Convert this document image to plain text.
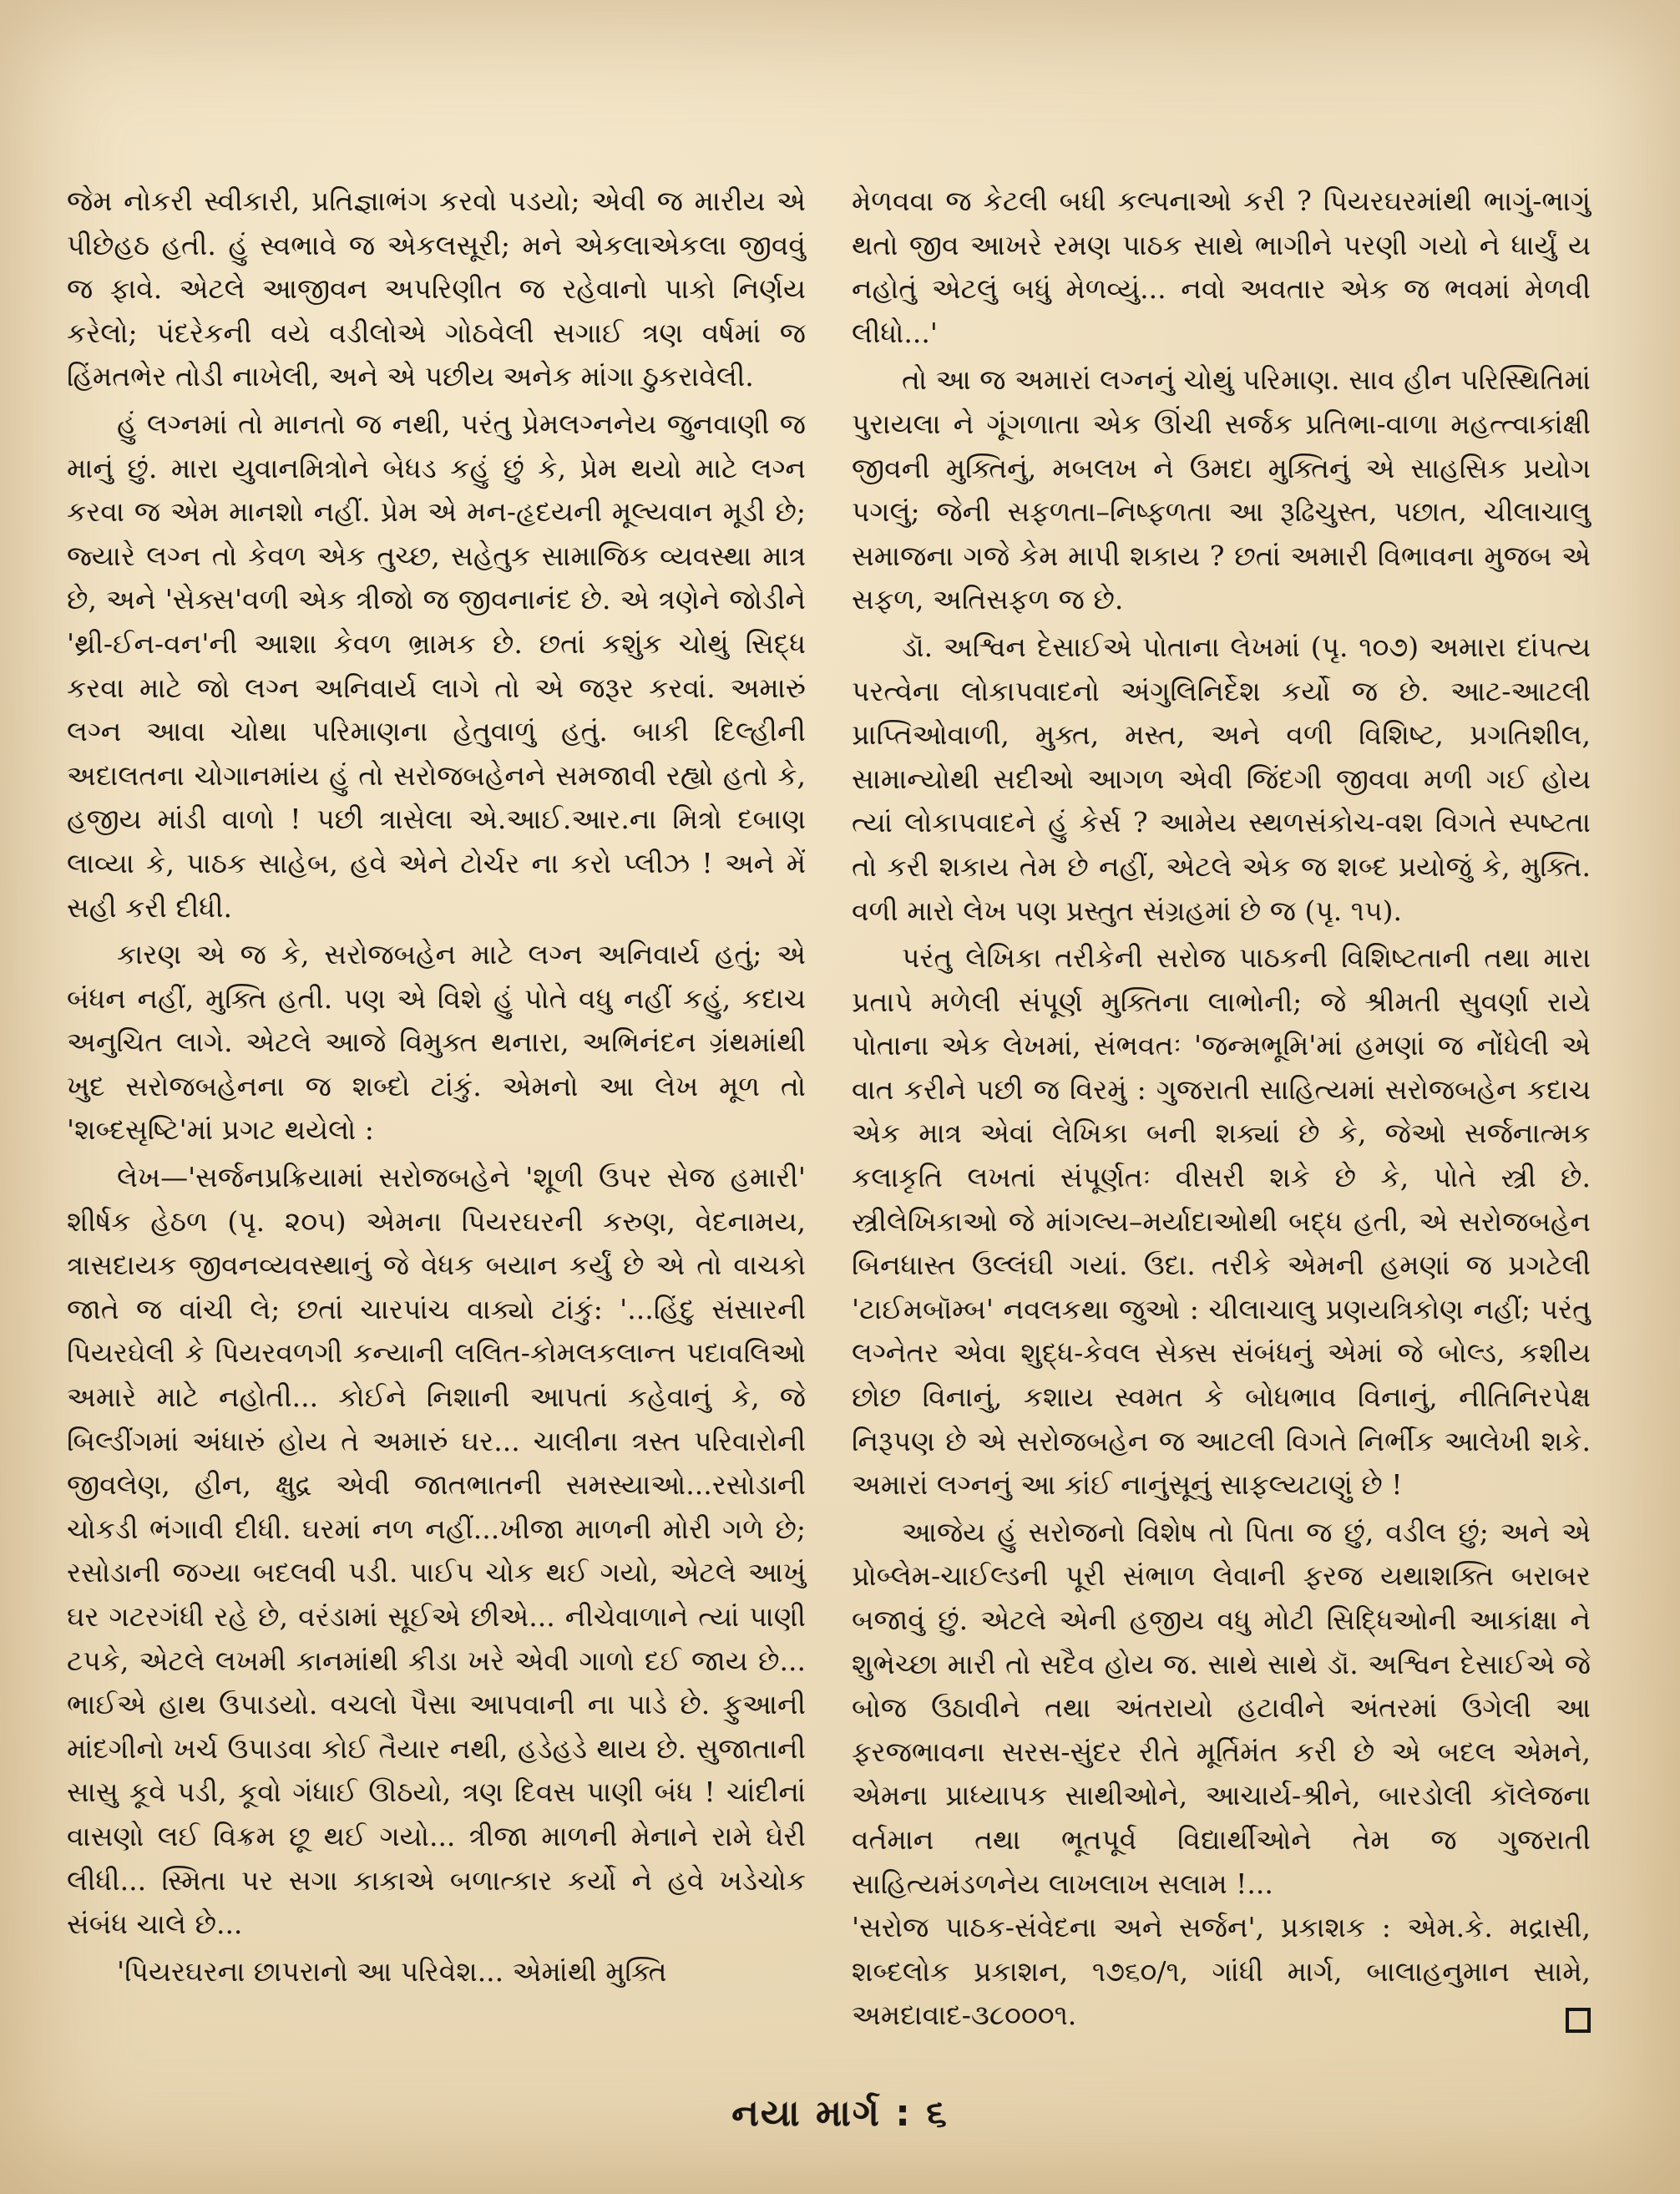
જેમ નોકરી સ્વીકારી, પ્રતિજ્ઞાભંગ કરવો પડયો; એવી જ મારીય એ પીછેહઠ હતી. હું સ્વભાવે જ એકલસૂરી; મને એકલાએકલા જીવવું જ ફાવે. એટલે આજીવન અપરિણીત જ રહેવાનો પાકો નિર્ણય કરેલો; પંદરેકની વયે વડીલોએ ગોઠવેલી સગાઈ ત્રણ વર્ષમાં જ હિંમતભેર તોડી નાખેલી, અને એ પછીય અનેક માંગા ઠુકરાવેલી.

હું લગ્નમાં તો માનતો જ નથી, પરંતુ પ્રેમલગ્નનેય જુનવાણી જ માનું છું. મારા યુવાનમિત્રોને બેધડ કહું છું કે, પ્રેમ થયો માટે લગ્ન કરવા જ એમ માનશો નહીં. પ્રેમ એ મન-હૃદયની મૂલ્યવાન મૂડી છે; જ્યારે લગ્ન તો કેવળ એક તુચ્છ, સહેતુક સામાજિક વ્યવસ્થા માત્ર છે, અને 'સેક્સ'વળી એક ત્રીજો જ જીવનાનંદ છે. એ ત્રણેને જોડીને 'થ્રી-ઈન-વન'ની આશા કેવળ ભ્રામક છે. છતાં કશુંક ચોથું સિદ્ધ કરવા માટે જો લગ્ન અનિવાર્ય લાગે તો એ જરૂર કરવાં. અમારું લગ્ન આવા ચોથા પરિમાણના હેતુવાળું હતું. બાકી દિલ્હીની અદાલતના ચોગાનમાંય હું તો સરોજબહેનને સમજાવી રહ્યો હતો કે, હજીય માંડી વાળો ! પછી ત્રાસેલા એ.આઈ.આર.ના મિત્રો દબાણ લાવ્યા કે, પાઠક સાહેબ, હવે એને ટોર્ચર ના કરો પ્લીઝ ! અને મેં સહી કરી દીધી.

કારણ એ જ કે, સરોજબહેન માટે લગ્ન અનિવાર્ય હતું; એ બંધન નહીં, મુક્તિ હતી. પણ એ વિશે હું પોતે વધુ નહીં કહું, કદાચ અનુચિત લાગે. એટલે આજે વિમુક્ત થનારા, અભિનંદન ગ્રંથમાંથી ખુદ સરોજબહેનના જ શબ્દો ટાંકું. એમનો આ લેખ મૂળ તો 'શબ્દસૃષ્ટિ'માં પ્રગટ થયેલો :

લેખ—'સર્જનપ્રક્રિયામાં સરોજબહેને 'શૂળી ઉપર સેજ હમારી' શીર્ષક હેઠળ (પૃ. ૨૦૫) એમના પિયરઘરની કરુણ, વેદનામય, ત્રાસદાયક જીવનવ્યવસ્થાનું જે વેધક બયાન કર્યું છે એ તો વાચકો જાતે જ વાંચી લે; છતાં ચારપાંચ વાક્યો ટાંકું: '...હિંદુ સંસારની પિયરઘેલી કે પિયરવળગી કન્યાની લલિત-કોમલકલાન્ત પદાવલિઓ અમારે માટે નહોતી... કોઈને નિશાની આપતાં કહેવાનું કે, જે બિલ્ડીંગમાં અંધારું હોય તે અમારું ઘર... ચાલીના ત્રસ્ત પરિવારોની જીવલેણ, હીન, ક્ષુદ્ર એવી જાતભાતની સમસ્યાઓ...રસોડાની ચોકડી ભંગાવી દીધી. ઘરમાં નળ નહીં...ખીજા માળની મોરી ગળે છે; રસોડાની જગ્યા બદલવી પડી. પાઈપ ચોક થઈ ગયો, એટલે આખું ઘર ગટરગંધી રહે છે, વરંડામાં સૂઈએ છીએ... નીચેવાળાને ત્યાં પાણી ટપકે, એટલે લખમી કાનમાંથી કીડા ખરે એવી ગાળો દઈ જાય છે... ભાઈએ હાથ ઉપાડયો. વચલો પૈસા આપવાની ના પાડે છે. ફુઆની માંદગીનો ખર્ચ ઉપાડવા કોઈ તૈયાર નથી, હડેહડે થાય છે. સુજાતાની સાસુ કૂવે પડી, કૂવો ગંધાઈ ઊઠયો, ત્રણ દિવસ પાણી બંધ ! ચાંદીનાં વાસણો લઈ વિક્રમ છૂ થઈ ગયો... ત્રીજા માળની મેનાને રામે ઘેરી લીધી... સ્મિતા પર સગા કાકાએ બળાત્કાર કર્યો ને હવે ખડેચોક સંબંધ ચાલે છે...

'પિયરઘરના છાપરાનો આ પરિવેશ... એમાંથી મુક્તિ

મેળવવા જ કેટલી બધી કલ્પનાઓ કરી ? પિયરઘરમાંથી ભાગું-ભાગું થતો જીવ આખરે રમણ પાઠક સાથે ભાગીને પરણી ગયો ને ધાર્યું ય નહોતું એટલું બધું મેળવ્યું... નવો અવતાર એક જ ભવમાં મેળવી લીધો...'

તો આ જ અમારાં લગ્નનું ચોથું પરિમાણ. સાવ હીન પરિસ્થિતિમાં પુરાયલા ને ગૂંગળાતા એક ઊંચી સર્જક પ્રતિભા-વાળા મહત્ત્વાકાંક્ષી જીવની મુક્તિનું, મબલખ ને ઉમદા મુક્તિનું એ સાહસિક પ્રયોગ પગલું; જેની સફળતા–નિષ્ફળતા આ રૂઢિચુસ્ત, પછાત, ચીલાચાલુ સમાજના ગજે કેમ માપી શકાય ? છતાં અમારી વિભાવના મુજબ એ સફળ, અતિસફળ જ છે.

ડૉ. અશ્વિન દેસાઈએ પોતાના લેખમાં (પૃ. ૧૦૭) અમારા દાંપત્ય પરત્વેના લોકાપવાદનો અંગુલિનિર્દેશ કર્યો જ છે. આટ-આટલી પ્રાપ્તિઓવાળી, મુક્ત, મસ્ત, અને વળી વિશિષ્ટ, પ્રગતિશીલ, સામાન્યોથી સદીઓ આગળ એવી જિંદગી જીવવા મળી ગઈ હોય ત્યાં લોકાપવાદને હું કેર્સ ? આમેય સ્થળસંકોચ-વશ વિગતે સ્પષ્ટતા તો કરી શકાય તેમ છે નહીં, એટલે એક જ શબ્દ પ્રયોજું કે, મુક્તિ. વળી મારો લેખ પણ પ્રસ્તુત સંગ્રહમાં છે જ (પૃ. ૧૫).

પરંતુ લેખિકા તરીકેની સરોજ પાઠકની વિશિષ્ટતાની તથા મારા પ્રતાપે મળેલી સંપૂર્ણ મુક્તિના લાભોની; જે શ્રીમતી સુવર્ણા રાયે પોતાના એક લેખમાં, સંભવતઃ 'જન્મભૂમિ'માં હમણાં જ નોંધેલી એ વાત કરીને પછી જ વિરમું : ગુજરાતી સાહિત્યમાં સરોજબહેન કદાચ એક માત્ર એવાં લેખિકા બની શક્યાં છે કે, જેઓ સર્જનાત્મક કલાકૃતિ લખતાં સંપૂર્ણતઃ વીસરી શકે છે કે, પોતે સ્ત્રી છે. સ્ત્રીલેખિકાઓ જે માંગલ્ય–મર્યાદાઓથી બદ્ધ હતી, એ સરોજબહેન બિનધાસ્ત ઉલ્લંઘી ગયાં. ઉદા. તરીકે એમની હમણાં જ પ્રગટેલી 'ટાઈમબૉમ્બ' નવલકથા જુઓ : ચીલાચાલુ પ્રણયત્રિકોણ નહીં; પરંતુ લગ્નેતર એવા શુદ્ધ-કેવલ સેક્સ સંબંધનું એમાં જે બોલ્ડ, કશીય છોછ વિનાનું, કશાય સ્વમત કે બોધભાવ વિનાનું, નીતિનિરપેક્ષ નિરૂપણ છે એ સરોજબહેન જ આટલી વિગતે નિર્ભીક આલેખી શકે. અમારાં લગ્નનું આ કાંઈ નાનુંસૂનું સાફલ્યટાણું છે !

આજેય હું સરોજનો વિશેષ તો પિતા જ છું, વડીલ છું; અને એ પ્રોબ્લેમ-ચાઈલ્ડની પૂરી સંભાળ લેવાની ફરજ યથાશક્તિ બરાબર બજાવું છું. એટલે એની હજીય વધુ મોટી સિદ્ધિઓની આકાંક્ષા ને શુભેચ્છા મારી તો સદૈવ હોય જ. સાથે સાથે ડૉ. અશ્વિન દેસાઈએ જે બોજ ઉઠાવીને તથા અંતરાયો હટાવીને અંતરમાં ઉગેલી આ ફરજભાવના સરસ-સુંદર રીતે મૂર્તિમંત કરી છે એ બદલ એમને, એમના પ્રાધ્યાપક સાથીઓને, આચાર્ય-શ્રીને, બારડોલી કૉલેજના વર્તમાન તથા ભૂતપૂર્વ વિદ્યાર્થીઓને તેમ જ ગુજરાતી સાહિત્યમંડળનેય લાખલાખ સલામ !...

'સરોજ પાઠક-સંવેદના અને સર્જન', પ્રકાશક : એમ.કે. મદ્રાસી, શબ્દલોક પ્રકાશન, ૧૭૬૦/૧, ગાંધી માર્ગ, બાલાહનુમાન સામે, અમદાવાદ-૩૮૦૦૦૧.

નયા માર્ગ : ૬
